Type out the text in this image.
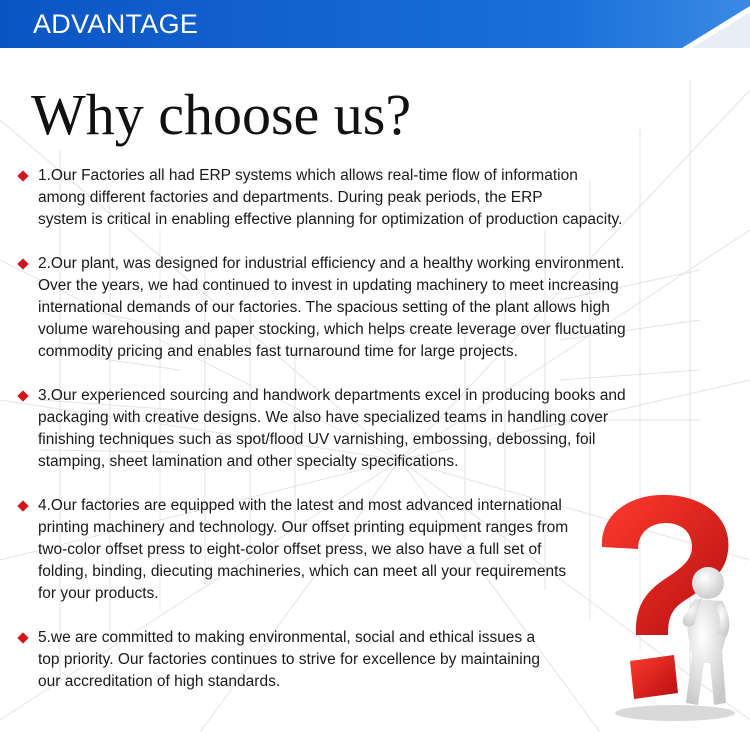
ADVANTAGE
Why choose us?

1.Our Factories all had ERP systems which allows real-time flow of information
among different factories and departments. During peak periods, the ERP
system is critical in enabling effective planning for optimization of production capacity.

2.Our plant, was designed for industrial efficiency and a healthy working environment.
Over the years, we had continued to invest in updating machinery to meet increasing
international demands of our factories. The spacious setting of the plant allows high
volume warehousing and paper stocking, which helps create leverage over fluctuating
commodity pricing and enables fast turnaround time for large projects.

3.Our experienced sourcing and handwork departments excel in producing books and
packaging with creative designs. We also have specialized teams in handling cover
finishing techniques such as spot/flood UV varnishing, embossing, debossing, foil
stamping, sheet lamination and other specialty specifications.

4.Our factories are equipped with the latest and most advanced international
printing machinery and technology. Our offset printing equipment ranges from
two-color offset press to eight-color offset press, we also have a full set of
folding, binding, diecuting machineries, which can meet all your requirements
for your products.

5.we are committed to making environmental, social and ethical issues a
top priority. Our factories continues to strive for excellence by maintaining
our accreditation of high standards.
